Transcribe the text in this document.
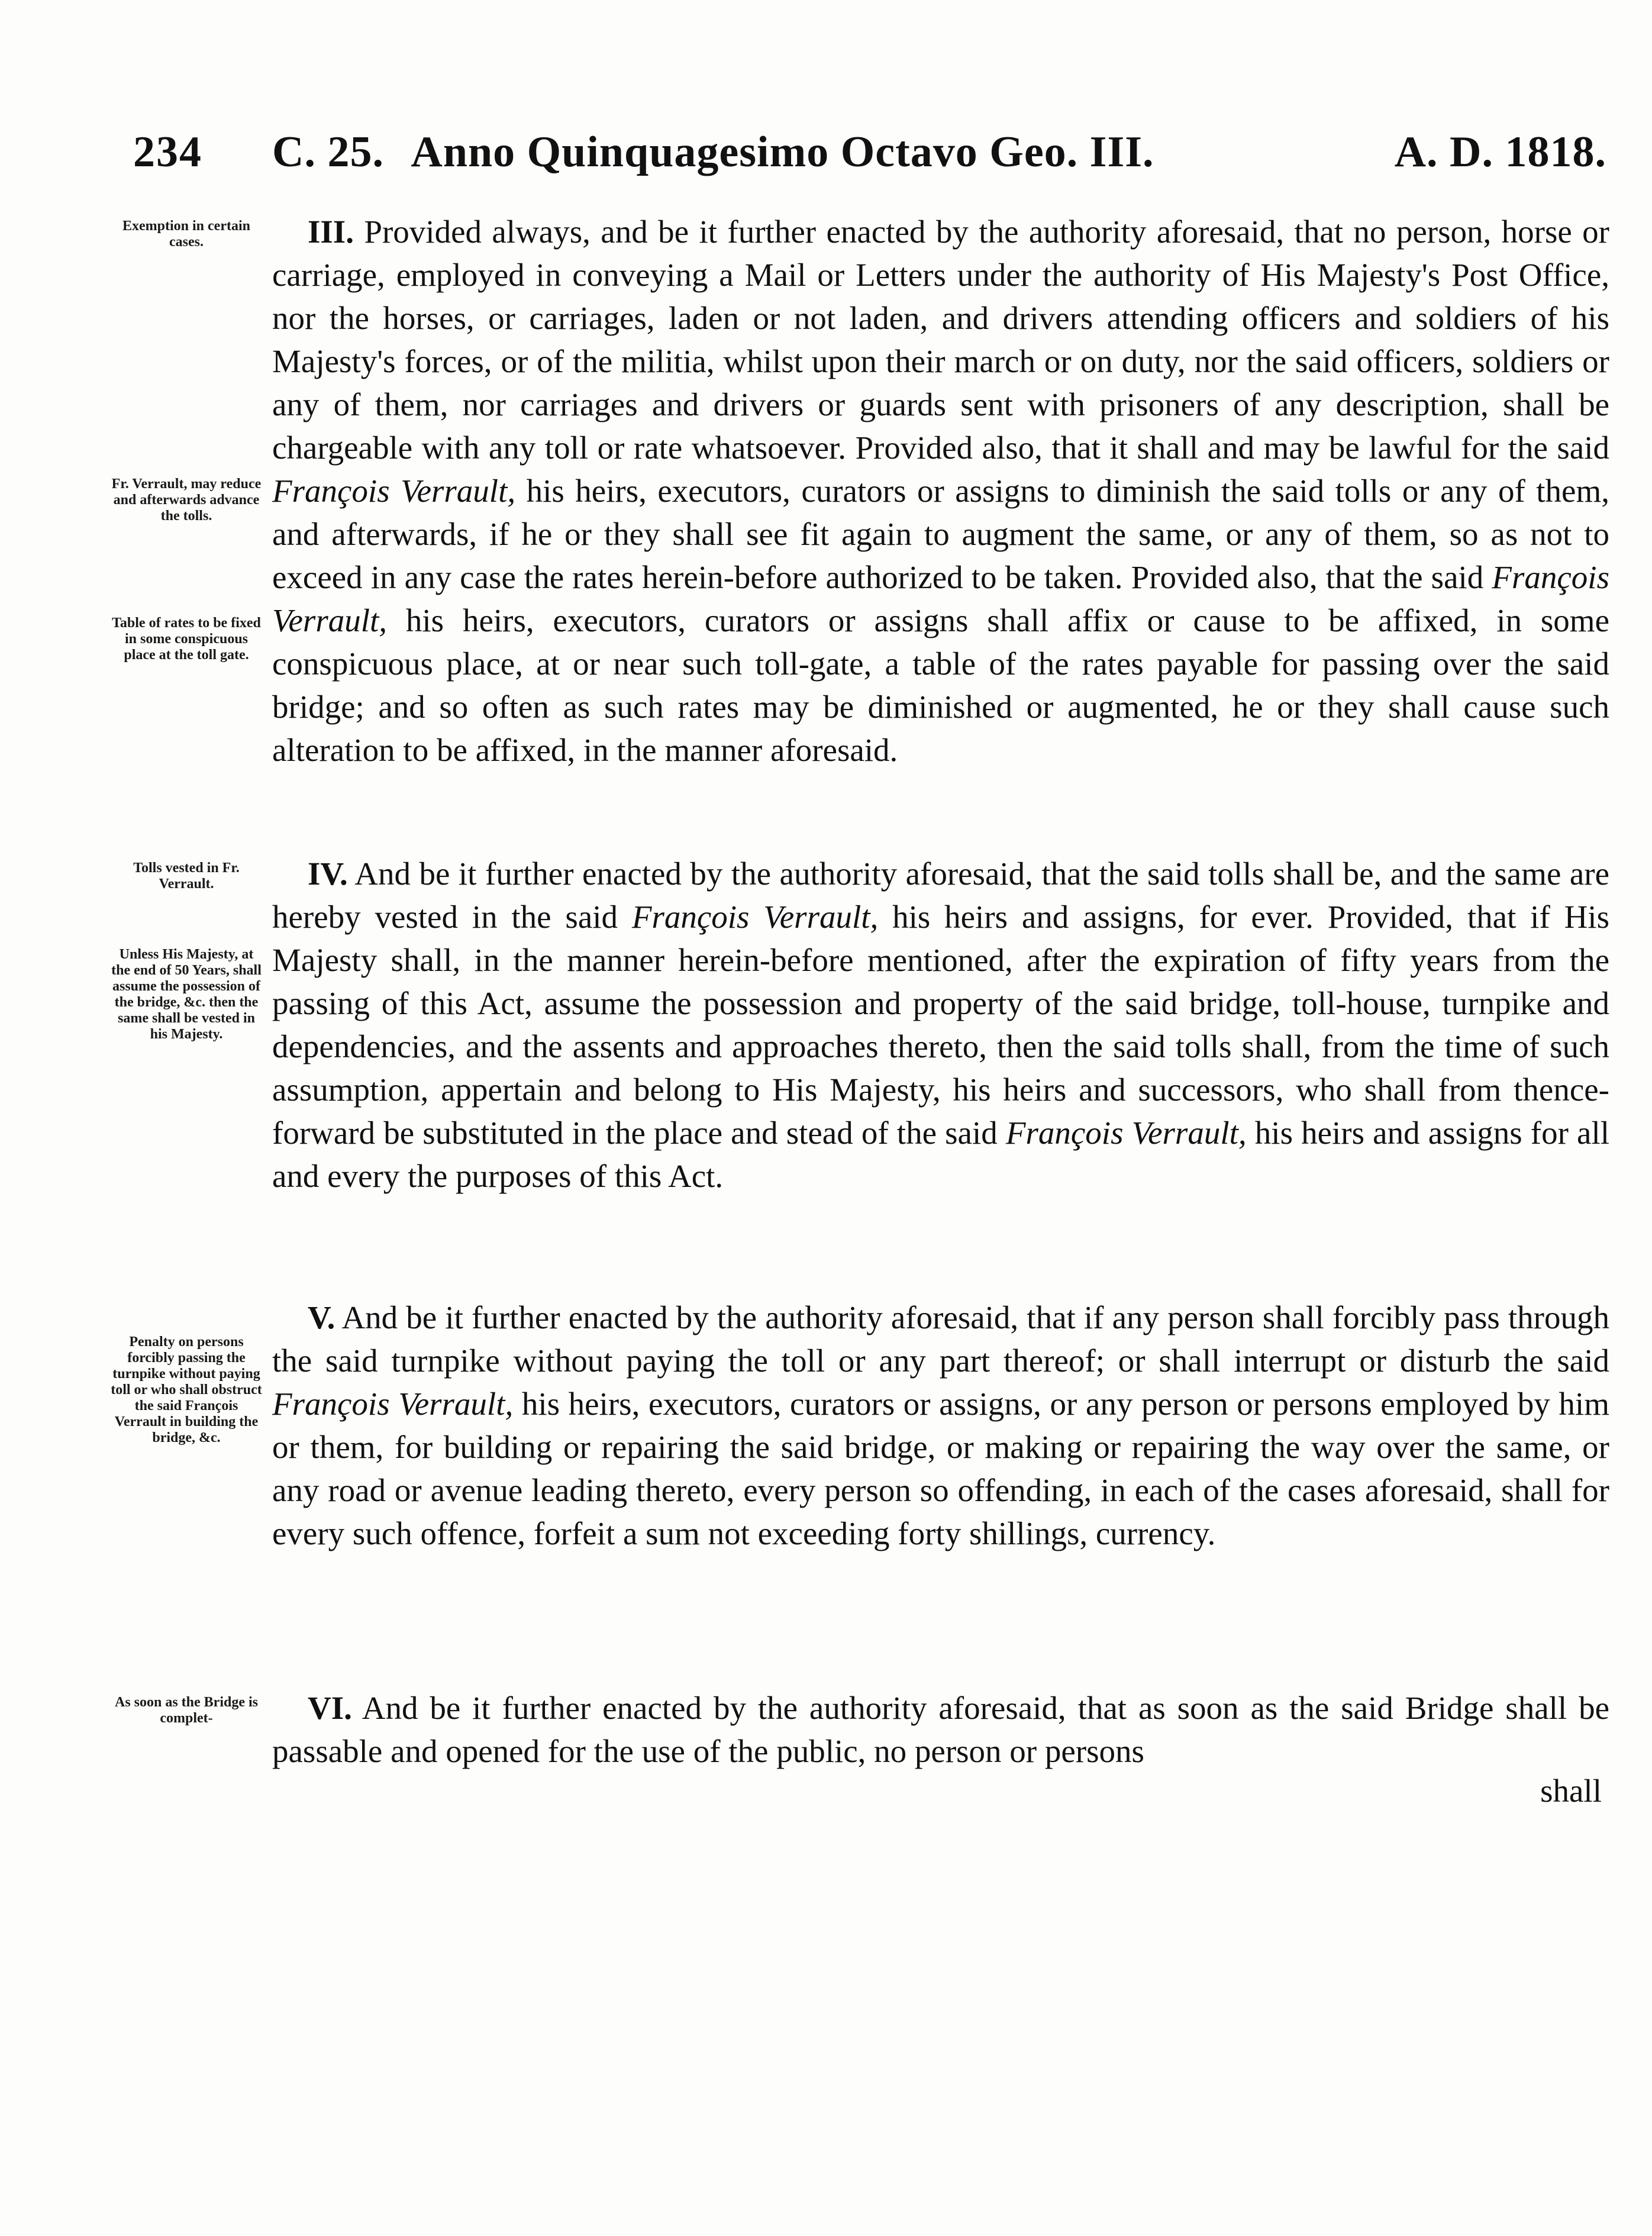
234 C. 25. Anno Quinquagesimo Octavo Geo. III.	A. D. 1818.
Exemption in certain cases.
Fr. Verrault, may reduce and afterwards advance the tolls.
Table of rates to be fixed in some conspicuous place at the toll gate.
III. Provided always, and be it further enacted by the authority aforesaid, that no person, horse or carriage, employed in conveying a Mail or Letters under the authority of His Majesty's Post Office, nor the horses, or carriages, laden or not laden, and drivers attending officers and soldiers of his Majesty's forces, or of the militia, whilst upon their march or on duty, nor the said officers, soldiers or any of them, nor carriages and drivers or guards sent with prisoners of any description, shall be chargeable with any toll or rate whatsoever. Provided also, that it shall and may be lawful for the said François Verrault, his heirs, executors, curators or assigns to diminish the said tolls or any of them, and afterwards, if he or they shall see fit again to augment the same, or any of them, so as not to exceed in any case the rates herein-before authorized to be taken. Provided also, that the said François Verrault, his heirs, executors, curators or assigns shall affix or cause to be affixed, in some conspicuous place, at or near such toll-gate, a table of the rates payable for passing over the said bridge; and so often as such rates may be diminished or augmented, he or they shall cause such alteration to be affixed, in the manner aforesaid.
Tolls vested in Fr. Verrault.
Unless His Majesty, at the end of 50 Years, shall assume the possession of the bridge, &c. then the same shall be vested in his Majesty.
IV. And be it further enacted by the authority aforesaid, that the said tolls shall be, and the same are hereby vested in the said François Verrault, his heirs and assigns, for ever. Provided, that if His Majesty shall, in the manner herein-before mentioned, after the expiration of fifty years from the passing of this Act, assume the possession and property of the said bridge, toll-house, turnpike and dependencies, and the assents and approaches thereto, then the said tolls shall, from the time of such assumption, appertain and belong to His Majesty, his heirs and successors, who shall from thence-forward be substituted in the place and stead of the said François Verrault, his heirs and assigns for all and every the purposes of this Act.
Penalty on persons forcibly passing the turnpike without paying toll or who shall obstruct the said François Verrault in building the bridge, &c.
V. And be it further enacted by the authority aforesaid, that if any person shall forcibly pass through the said turnpike without paying the toll or any part thereof; or shall interrupt or disturb the said François Verrault, his heirs, executors, curators or assigns, or any person or persons employed by him or them, for building or repairing the said bridge, or making or repairing the way over the same, or any road or avenue leading thereto, every person so offending, in each of the cases aforesaid, shall for every such offence, forfeit a sum not exceeding forty shillings, currency.
As soon as the Bridge is complet-	VI. And be it further enacted by the authority aforesaid, that as soon as the said Bridge shall be passable and opened for the use of the public, no person or persons
shall
